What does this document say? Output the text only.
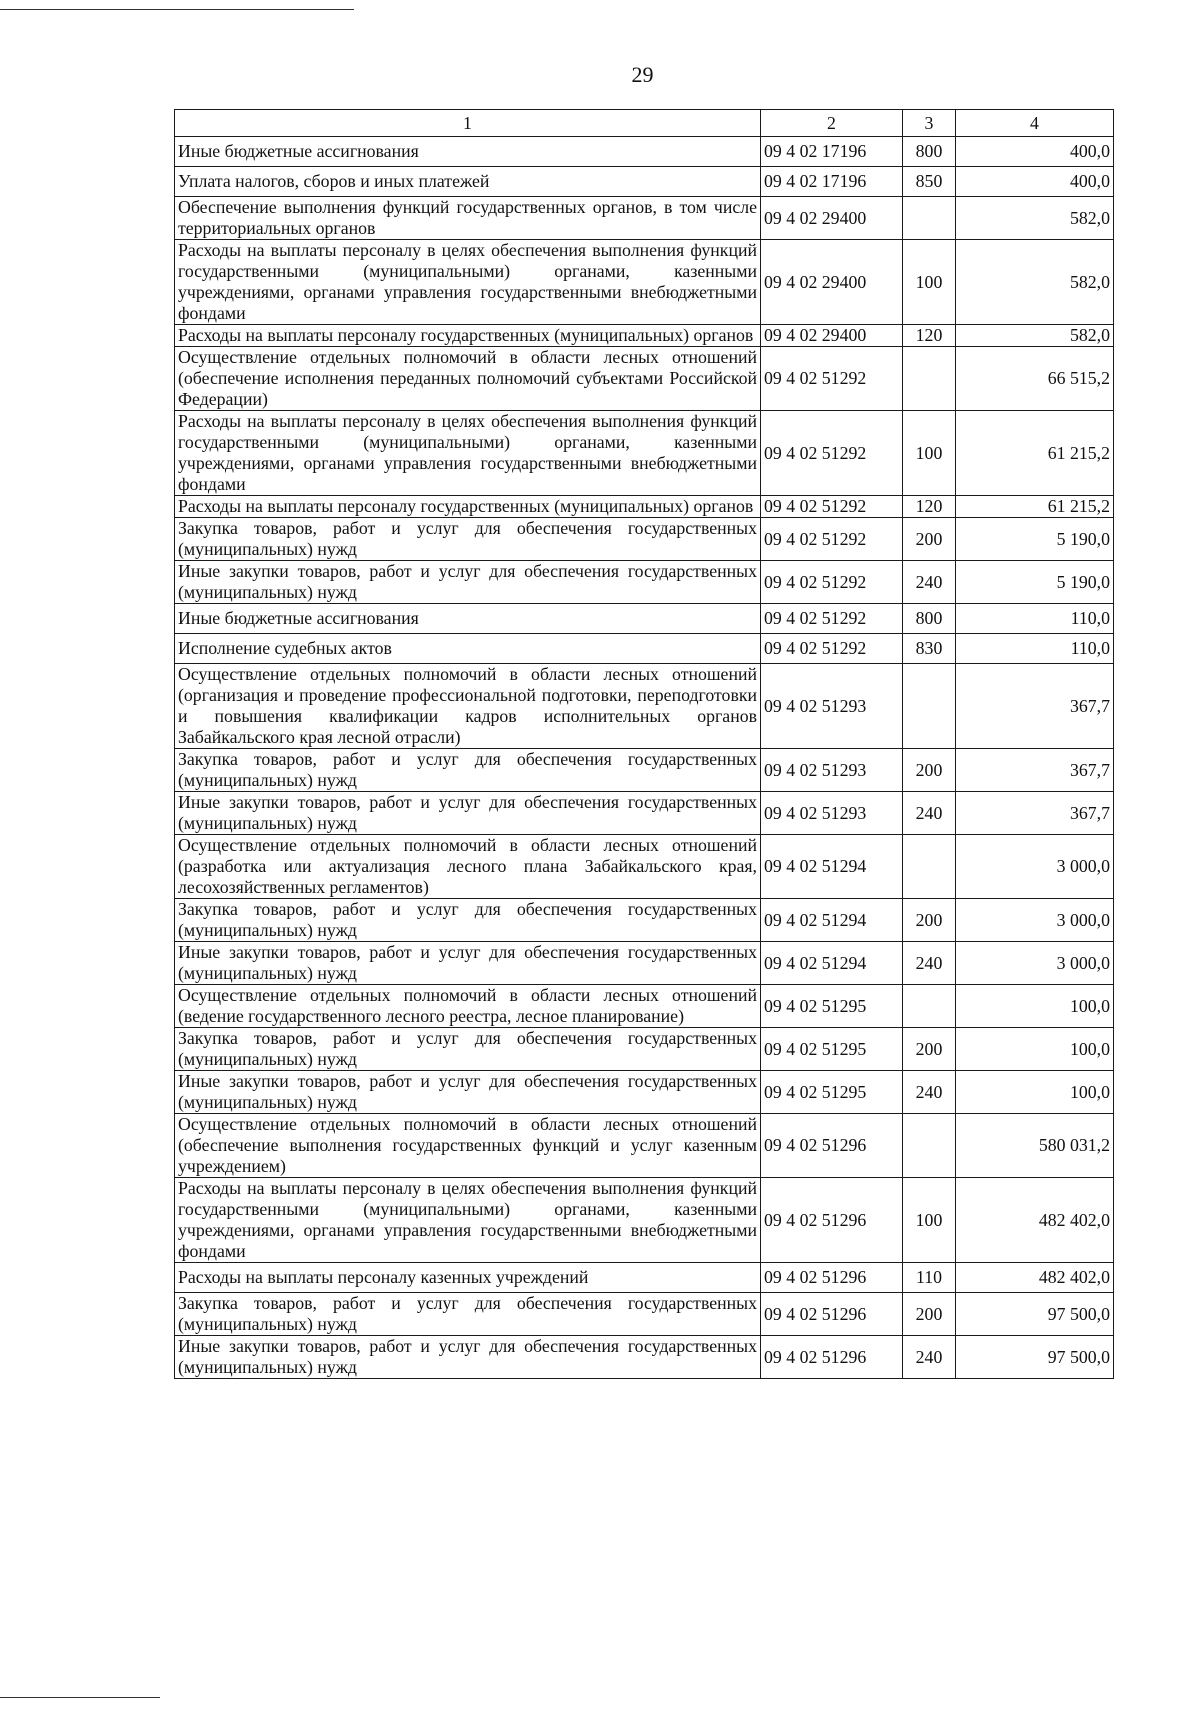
29
1	2	3	4
Иные бюджетные ассигнования	09 4 02 17196	800	400,0
Уплата налогов, сборов и иных платежей	09 4 02 17196	850	400,0
Обеспечение выполнения функций государственных органов, в том числе территориальных органов	09 4 02 29400		582,0
Расходы на выплаты персоналу в целях обеспечения выполнения функций государственными (муниципальными) органами, казенными учреждениями, органами управления государственными внебюджетными фондами	09 4 02 29400	100	582,0
Расходы на выплаты персоналу государственных (муниципальных) органов	09 4 02 29400	120	582,0
Осуществление отдельных полномочий в области лесных отношений (обеспечение исполнения переданных полномочий субъектами Российской Федерации)	09 4 02 51292		66 515,2
Расходы на выплаты персоналу в целях обеспечения выполнения функций государственными (муниципальными) органами, казенными учреждениями, органами управления государственными внебюджетными фондами	09 4 02 51292	100	61 215,2
Расходы на выплаты персоналу государственных (муниципальных) органов	09 4 02 51292	120	61 215,2
Закупка товаров, работ и услуг для обеспечения государственных (муниципальных) нужд	09 4 02 51292	200	5 190,0
Иные закупки товаров, работ и услуг для обеспечения государственных (муниципальных) нужд	09 4 02 51292	240	5 190,0
Иные бюджетные ассигнования	09 4 02 51292	800	110,0
Исполнение судебных актов	09 4 02 51292	830	110,0
Осуществление отдельных полномочий в области лесных отношений (организация и проведение профессиональной подготовки, переподготовки и повышения квалификации кадров исполнительных органов Забайкальского края лесной отрасли)	09 4 02 51293		367,7
Закупка товаров, работ и услуг для обеспечения государственных (муниципальных) нужд	09 4 02 51293	200	367,7
Иные закупки товаров, работ и услуг для обеспечения государственных (муниципальных) нужд	09 4 02 51293	240	367,7
Осуществление отдельных полномочий в области лесных отношений (разработка или актуализация лесного плана Забайкальского края, лесохозяйственных регламентов)	09 4 02 51294		3 000,0
Закупка товаров, работ и услуг для обеспечения государственных (муниципальных) нужд	09 4 02 51294	200	3 000,0
Иные закупки товаров, работ и услуг для обеспечения государственных (муниципальных) нужд	09 4 02 51294	240	3 000,0
Осуществление отдельных полномочий в области лесных отношений (ведение государственного лесного реестра, лесное планирование)	09 4 02 51295		100,0
Закупка товаров, работ и услуг для обеспечения государственных (муниципальных) нужд	09 4 02 51295	200	100,0
Иные закупки товаров, работ и услуг для обеспечения государственных (муниципальных) нужд	09 4 02 51295	240	100,0
Осуществление отдельных полномочий в области лесных отношений (обеспечение выполнения государственных функций и услуг казенным учреждением)	09 4 02 51296		580 031,2
Расходы на выплаты персоналу в целях обеспечения выполнения функций государственными (муниципальными) органами, казенными учреждениями, органами управления государственными внебюджетными фондами	09 4 02 51296	100	482 402,0
Расходы на выплаты персоналу казенных учреждений	09 4 02 51296	110	482 402,0
Закупка товаров, работ и услуг для обеспечения государственных (муниципальных) нужд	09 4 02 51296	200	97 500,0
Иные закупки товаров, работ и услуг для обеспечения государственных (муниципальных) нужд	09 4 02 51296	240	97 500,0
